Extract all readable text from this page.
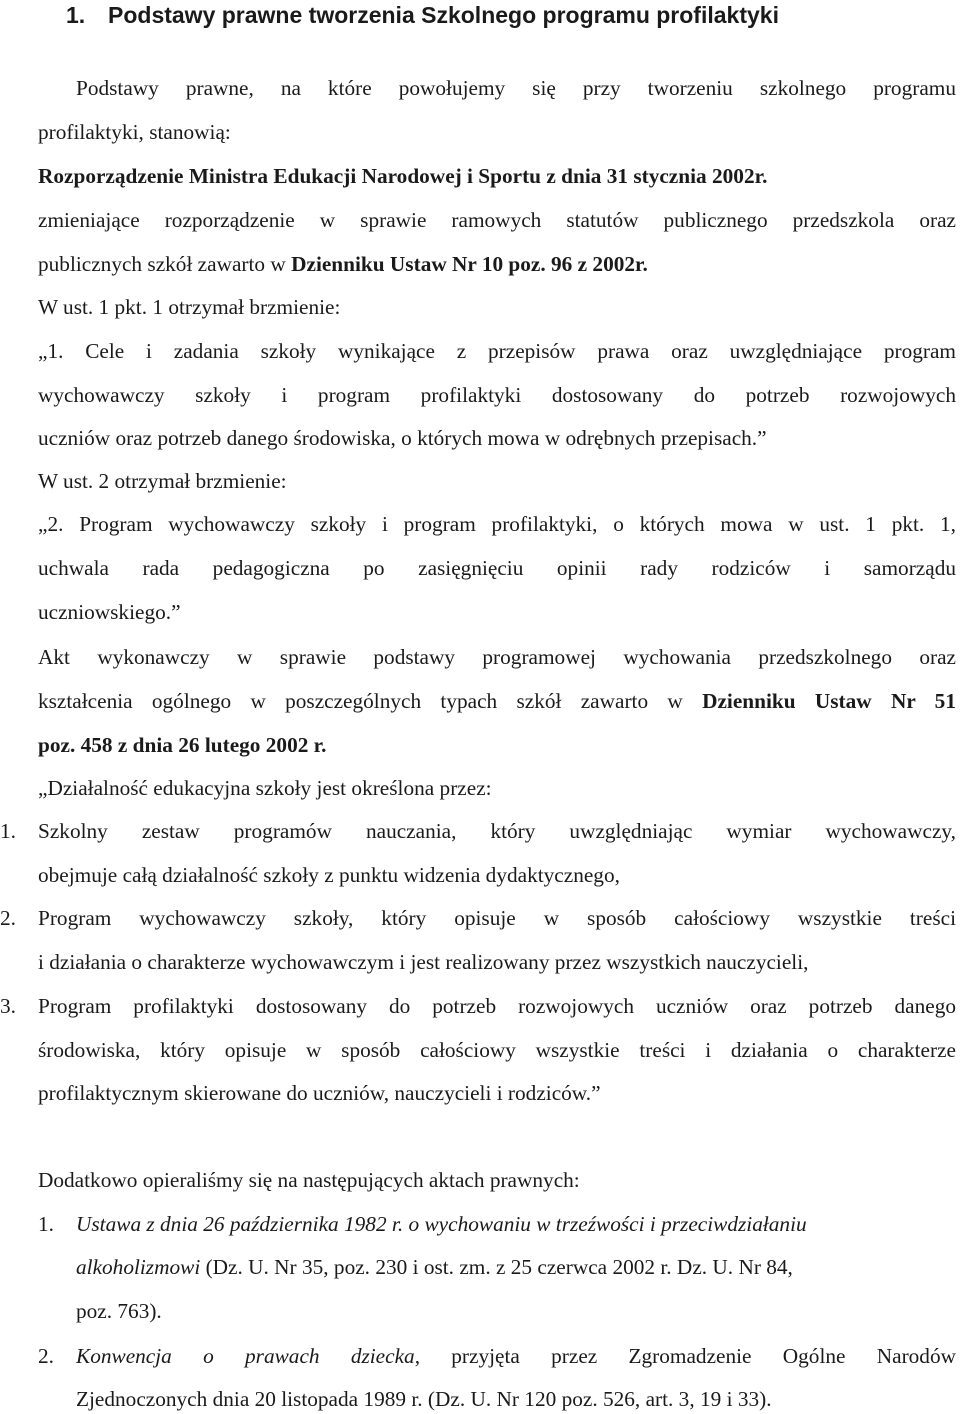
1. Podstawy prawne tworzenia Szkolnego programu profilaktyki
Podstawy prawne, na które powołujemy się przy tworzeniu szkolnego programu
profilaktyki, stanowią:
Rozporządzenie Ministra Edukacji Narodowej i Sportu z dnia 31 stycznia 2002r.
zmieniające rozporządzenie w sprawie ramowych statutów publicznego przedszkola oraz
publicznych szkół zawarto w Dzienniku Ustaw Nr 10 poz. 96 z 2002r.
W ust. 1 pkt. 1 otrzymał brzmienie:
„1. Cele i zadania szkoły wynikające z przepisów prawa oraz uwzględniające program
wychowawczy szkoły i program profilaktyki dostosowany do potrzeb rozwojowych
uczniów oraz potrzeb danego środowiska, o których mowa w odrębnych przepisach.”
W ust. 2 otrzymał brzmienie:
„2. Program wychowawczy szkoły i program profilaktyki, o których mowa w ust. 1 pkt. 1,
uchwala rada pedagogiczna po zasięgnięciu opinii rady rodziców i samorządu
uczniowskiego.”
Akt wykonawczy w sprawie podstawy programowej wychowania przedszkolnego oraz
kształcenia ogólnego w poszczególnych typach szkół zawarto w Dzienniku Ustaw Nr 51
poz. 458 z dnia 26 lutego 2002 r.
„Działalność edukacyjna szkoły jest określona przez:
1.	Szkolny zestaw programów nauczania, który uwzględniając wymiar wychowawczy,
obejmuje całą działalność szkoły z punktu widzenia dydaktycznego,
2.	Program wychowawczy szkoły, który opisuje w sposób całościowy wszystkie treści
i działania o charakterze wychowawczym i jest realizowany przez wszystkich nauczycieli,
3.	Program profilaktyki dostosowany do potrzeb rozwojowych uczniów oraz potrzeb danego
środowiska, który opisuje w sposób całościowy wszystkie treści i działania o charakterze
profilaktycznym skierowane do uczniów, nauczycieli i rodziców.”
Dodatkowo opieraliśmy się na następujących aktach prawnych:
1.	Ustawa z dnia 26 października 1982 r. o wychowaniu w trzeźwości i przeciwdziałaniu
alkoholizmowi (Dz. U. Nr 35, poz. 230 i ost. zm. z 25 czerwca 2002 r. Dz. U. Nr 84,
poz. 763).
2.	Konwencja o prawach dziecka, przyjęta przez Zgromadzenie Ogólne Narodów
Zjednoczonych dnia 20 listopada 1989 r. (Dz. U. Nr 120 poz. 526, art. 3, 19 i 33).
